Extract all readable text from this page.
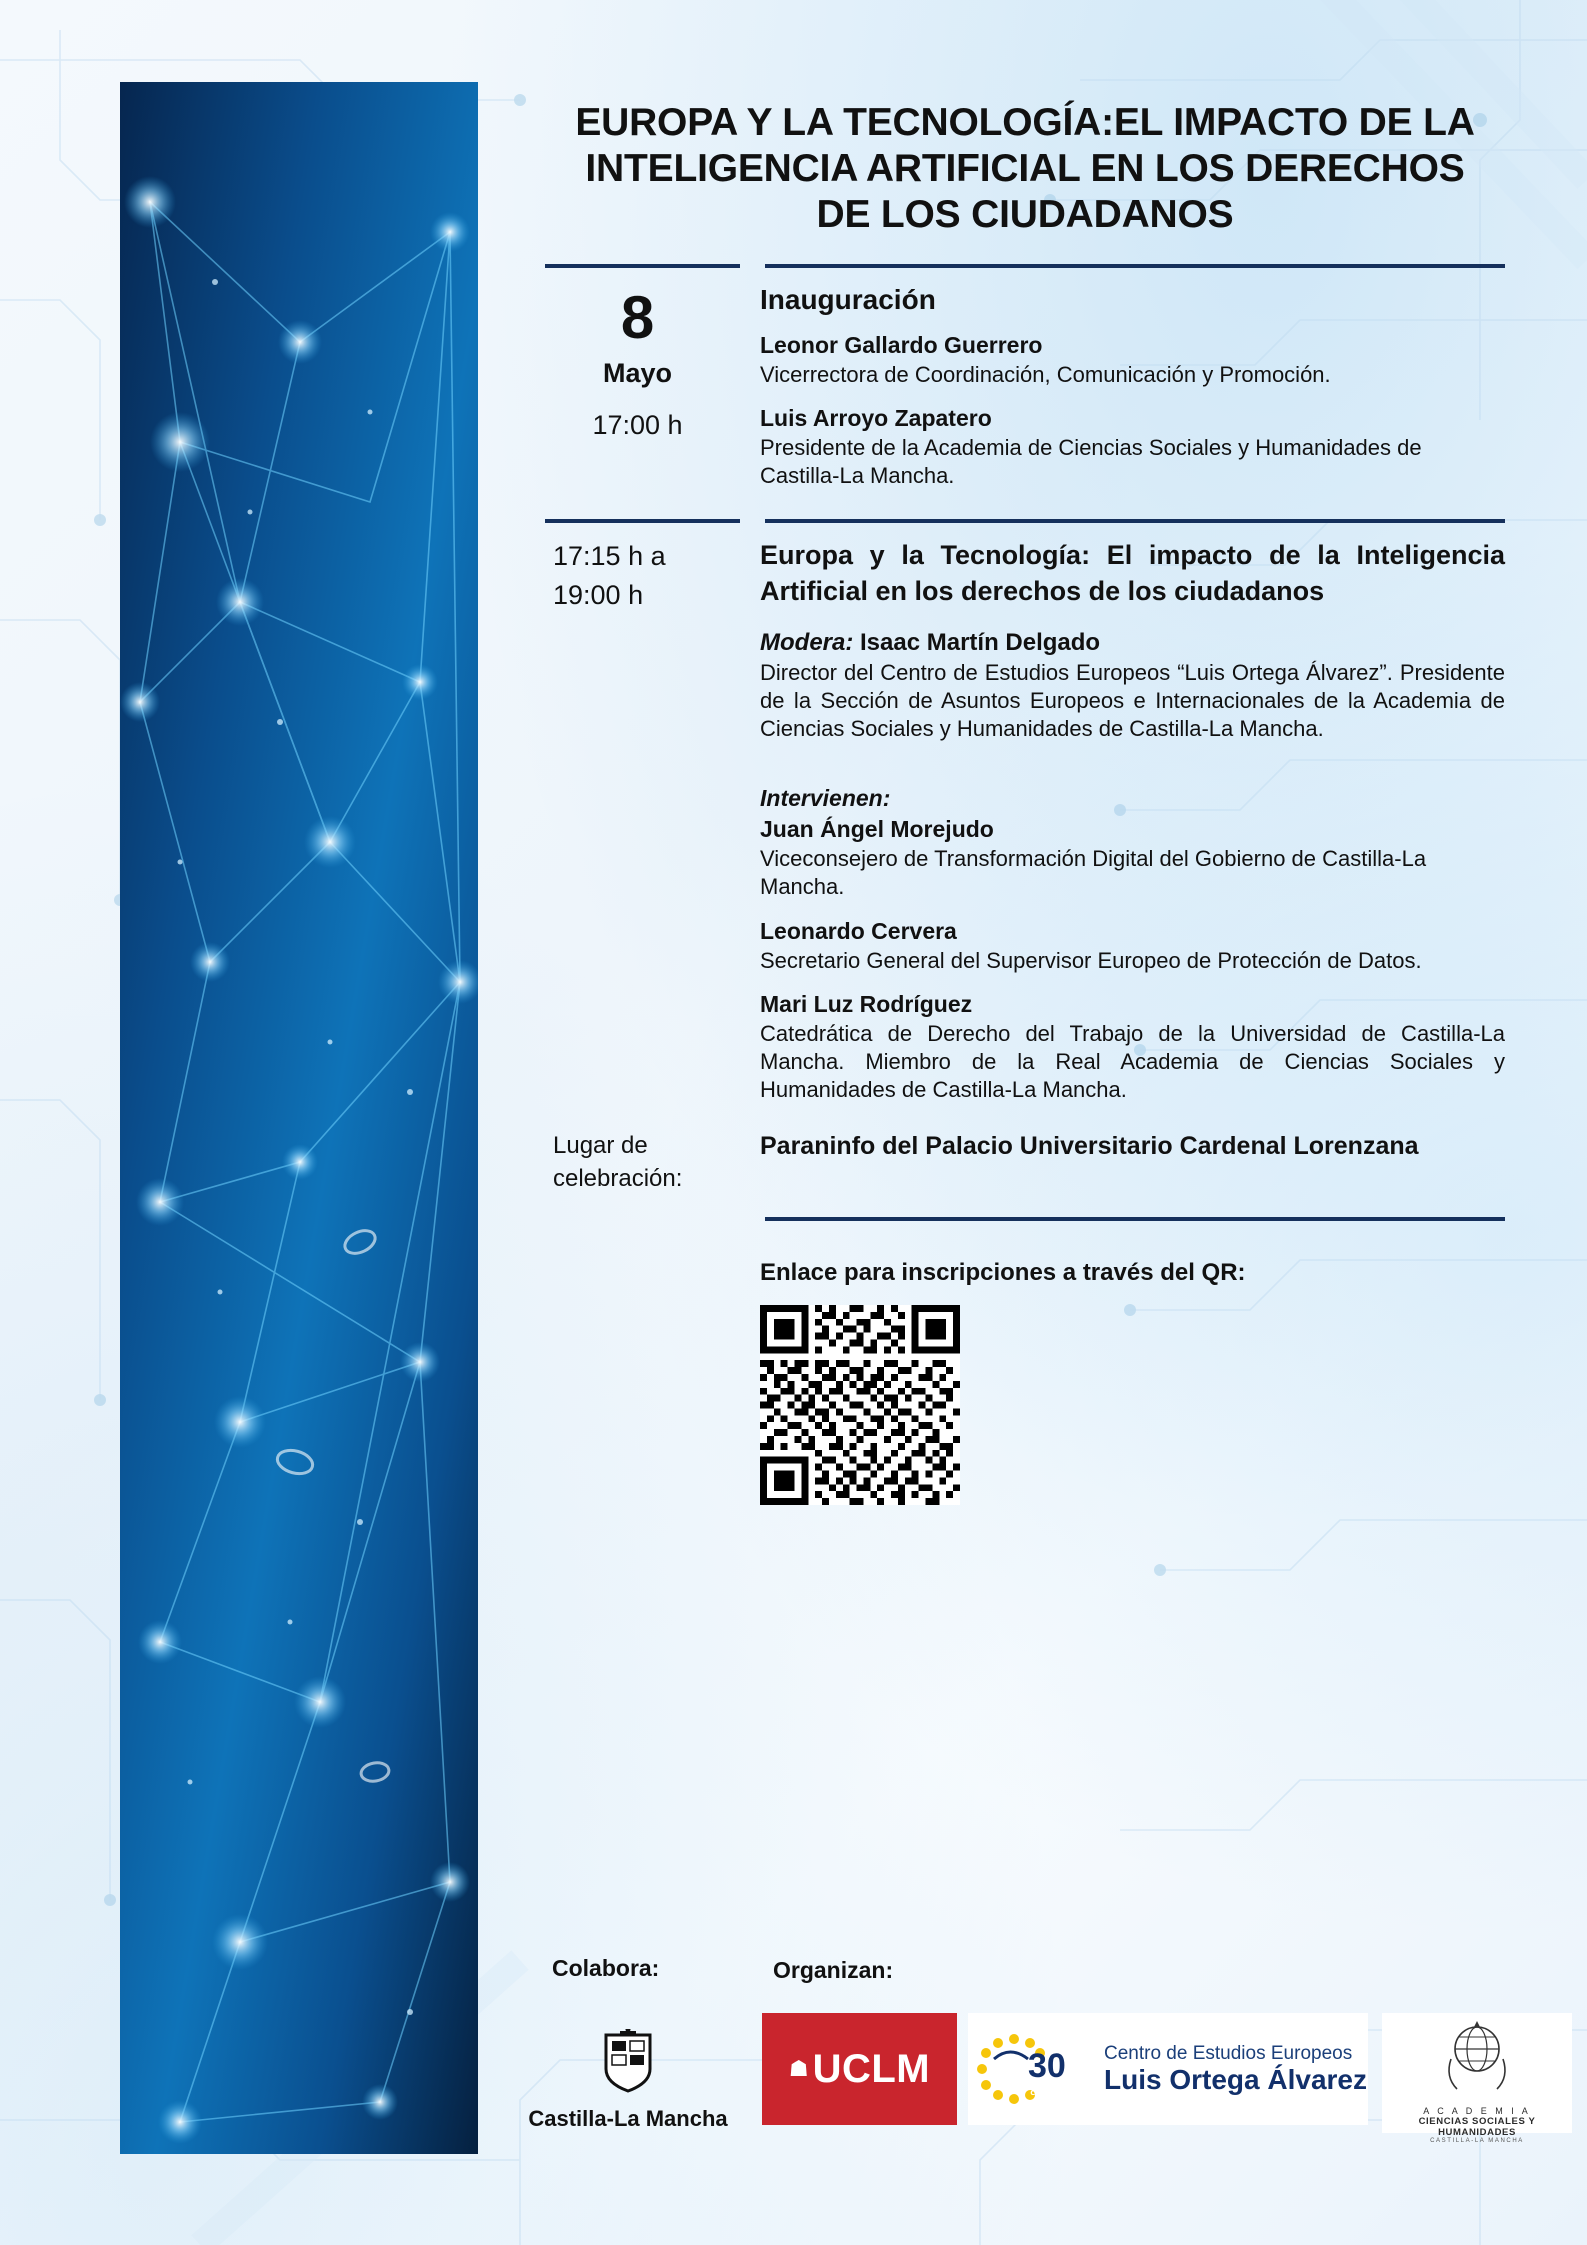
EUROPA Y LA TECNOLOGÍA:EL IMPACTO DE LA INTELIGENCIA ARTIFICIAL EN LOS DERECHOS DE LOS CIUDADANOS
8
Mayo
17:00 h
Inauguración
Leonor Gallardo Guerrero
Vicerrectora de Coordinación, Comunicación y Promoción.
Luis Arroyo Zapatero
Presidente de la Academia de Ciencias Sociales y Humanidades de Castilla-La Mancha.
17:15 h a 19:00 h
Europa y la Tecnología: El impacto de la Inteligencia Artificial en los derechos de los ciudadanos
Modera: Isaac Martín Delgado
Director del Centro de Estudios Europeos “Luis Ortega Álvarez”. Presidente de la Sección de Asuntos Europeos e Internacionales de la Academia de Ciencias Sociales y Humanidades de Castilla-La Mancha.
Intervienen:
Juan Ángel Morejudo
Viceconsejero de Transformación Digital del Gobierno de Castilla-La Mancha.
Leonardo Cervera
Secretario General del Supervisor Europeo de Protección de Datos.
Mari Luz Rodríguez
Catedrática de Derecho del Trabajo de la Universidad de Castilla-La Mancha. Miembro de la Real Academia de Ciencias Sociales y Humanidades de Castilla-La Mancha.
Lugar de celebración:
Paraninfo del Palacio Universitario Cardenal Lorenzana
Enlace para inscripciones a través del QR:
Colabora:	Organizan:
Castilla-La Mancha
☗ UCLM	30
años
Centro de Estudios Europeos
Luis Ortega Álvarez
A C A D E M I A
CIENCIAS SOCIALES Y HUMANIDADES
CASTILLA-LA MANCHA
